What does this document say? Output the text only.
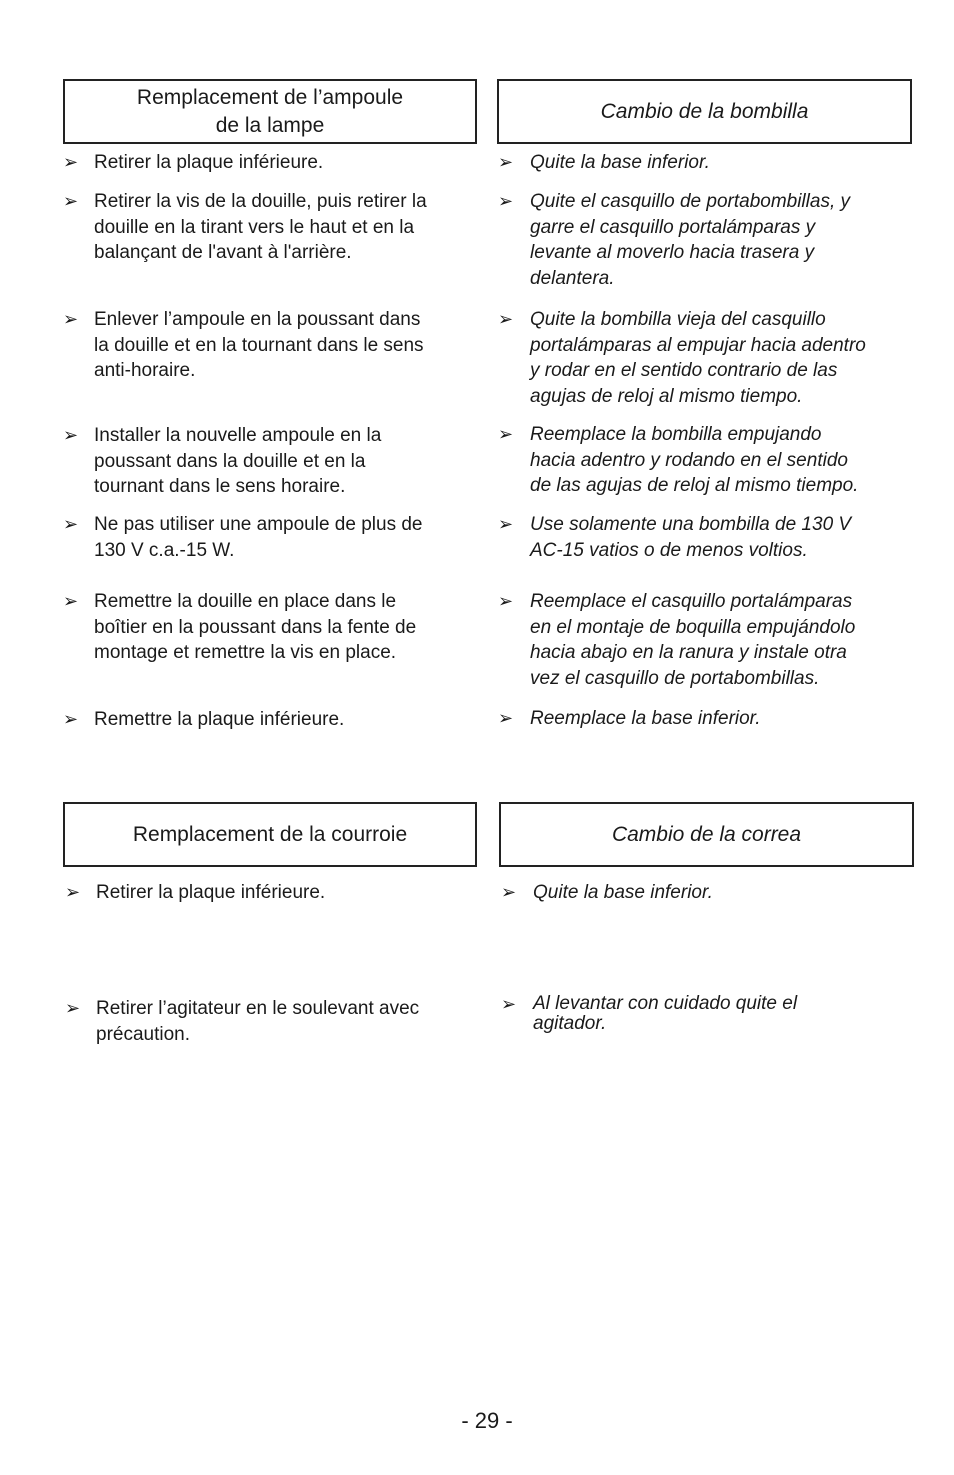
Remplacement de l’ampoule
de la lampe
Cambio de la bombilla
➢ Retirer la plaque inférieure.
➢ Retirer la vis de la douille, puis retirer la
douille en la tirant vers le haut et en la
balançant de l'avant à l'arrière.
➢ Enlever l’ampoule en la poussant dans
la douille et en la tournant dans le sens
anti-horaire.
➢ Installer la nouvelle ampoule en la
poussant dans la douille et en la
tournant dans le sens horaire.
➢ Ne pas utiliser une ampoule de plus de
130 V c.a.-15 W.
➢ Remettre la douille en place dans le
boîtier en la poussant dans la fente de
montage et remettre la vis en place.
➢ Remettre la plaque inférieure.
➢ Quite la base inferior.
➢ Quite el casquillo de portabombillas, y
garre el casquillo portalámparas y
levante al moverlo hacia trasera y
delantera.
➢ Quite la bombilla vieja del casquillo
portalámparas al empujar hacia adentro
y rodar en el sentido contrario de las
agujas de reloj al mismo tiempo.
➢ Reemplace la bombilla empujando
hacia adentro y rodando en el sentido
de las agujas de reloj al mismo tiempo.
➢ Use solamente una bombilla de 130 V
AC-15 vatios o de menos voltios.
➢ Reemplace el casquillo portalámparas
en el montaje de boquilla empujándolo
hacia abajo en la ranura y instale otra
vez el casquillo de portabombillas.
➢ Reemplace la base inferior.
Remplacement de la courroie	Cambio de la correa
➢ Retirer la plaque inférieure.
➢ Retirer l’agitateur en le soulevant avec
précaution.
➢ Quite la base inferior.
➢ Al levantar con cuidado quite el
agitador.
- 29 -
